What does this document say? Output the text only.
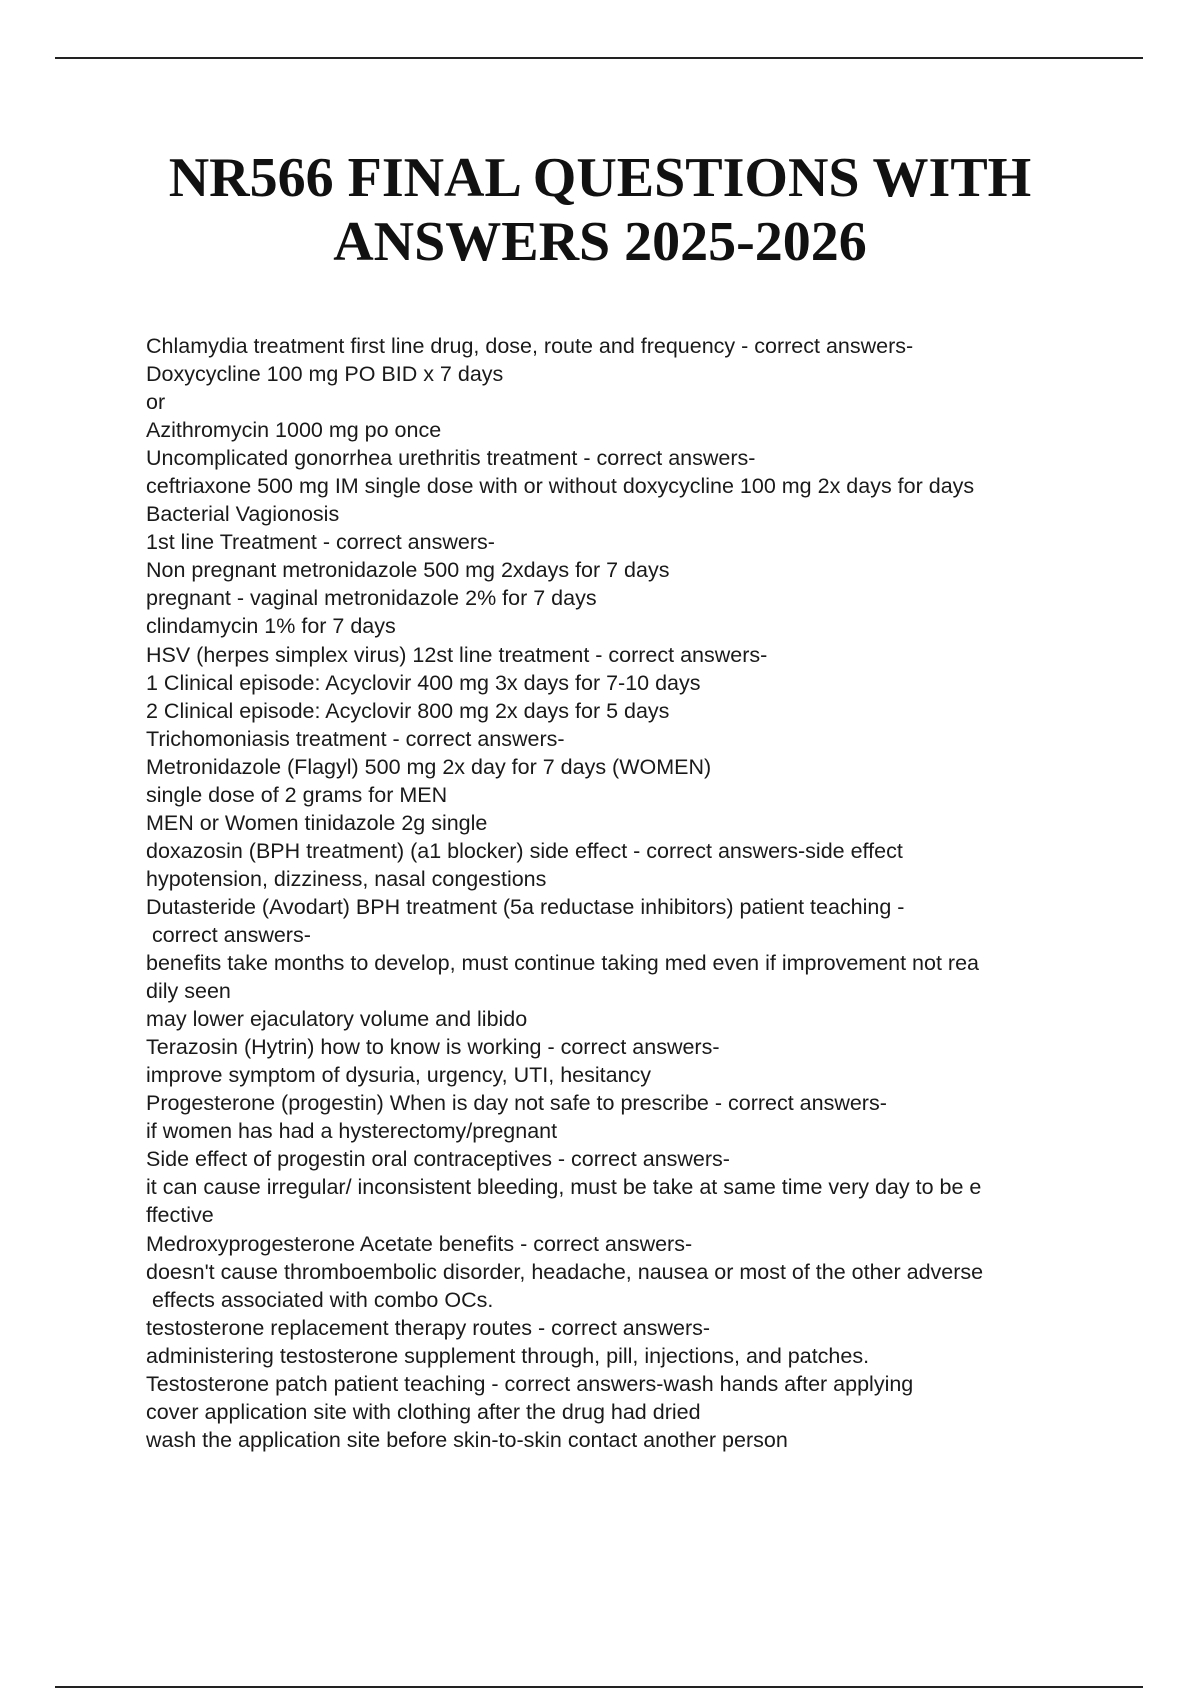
NR566 FINAL QUESTIONS WITH
ANSWERS 2025-2026
Chlamydia treatment first line drug, dose, route and frequency - correct answers-
Doxycycline 100 mg PO BID x 7 days
or
Azithromycin 1000 mg po once
Uncomplicated gonorrhea urethritis treatment - correct answers-
ceftriaxone 500 mg IM single dose with or without doxycycline 100 mg 2x days for days
Bacterial Vagionosis
1st line Treatment - correct answers-
Non pregnant metronidazole 500 mg 2xdays for 7 days
pregnant - vaginal metronidazole 2% for 7 days
clindamycin 1% for 7 days
HSV (herpes simplex virus) 12st line treatment - correct answers-
1 Clinical episode: Acyclovir 400 mg 3x days for 7-10 days
2 Clinical episode: Acyclovir 800 mg 2x days for 5 days
Trichomoniasis treatment - correct answers-
Metronidazole (Flagyl) 500 mg 2x day for 7 days (WOMEN)
single dose of 2 grams for MEN
MEN or Women tinidazole 2g single
doxazosin (BPH treatment) (a1 blocker) side effect - correct answers-side effect
hypotension, dizziness, nasal congestions
Dutasteride (Avodart) BPH treatment (5a reductase inhibitors) patient teaching -
correct answers-
benefits take months to develop, must continue taking med even if improvement not rea
dily seen
may lower ejaculatory volume and libido
Terazosin (Hytrin) how to know is working - correct answers-
improve symptom of dysuria, urgency, UTI, hesitancy
Progesterone (progestin) When is day not safe to prescribe - correct answers-
if women has had a hysterectomy/pregnant
Side effect of progestin oral contraceptives - correct answers-
it can cause irregular/ inconsistent bleeding, must be take at same time very day to be e
ffective
Medroxyprogesterone Acetate benefits - correct answers-
doesn't cause thromboembolic disorder, headache, nausea or most of the other adverse
effects associated with combo OCs.
testosterone replacement therapy routes - correct answers-
administering testosterone supplement through, pill, injections, and patches.
Testosterone patch patient teaching - correct answers-wash hands after applying
cover application site with clothing after the drug had dried
wash the application site before skin-to-skin contact another person
